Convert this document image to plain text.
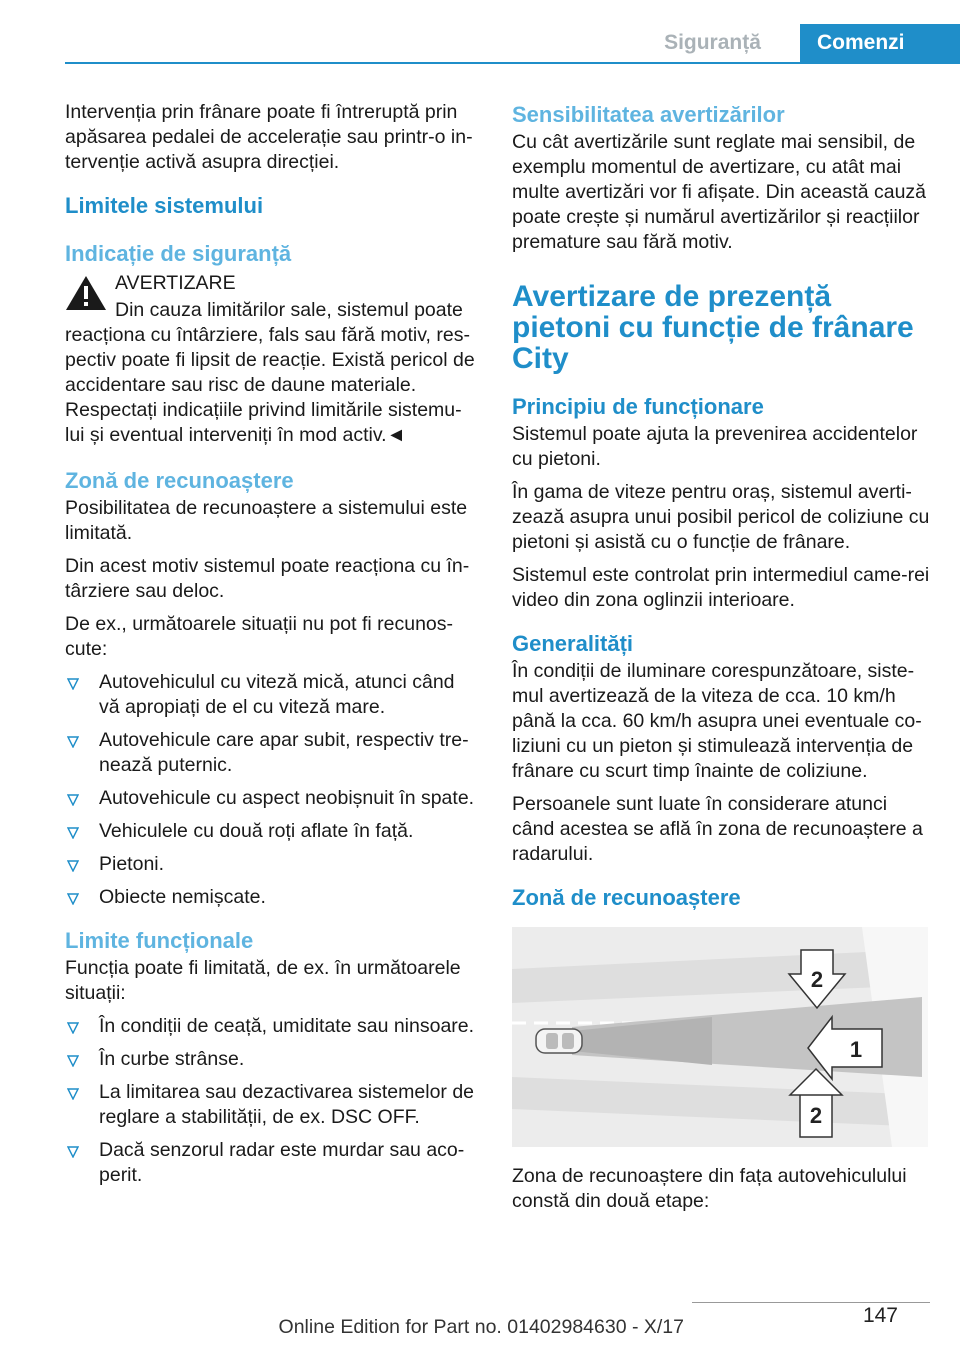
Siguranță	Comenzi

Intervenția prin frânare poate fi întreruptă prin apăsarea pedalei de accelerație sau printr-o in-tervenție activă asupra direcției.

Limitele sistemului
Indicație de siguranță
AVERTIZARE

Din cauza limitărilor sale, sistemul poate reacționa cu întârziere, fals sau fără motiv, res-pectiv poate fi lipsit de reacție. Există pericol de accidentare sau risc de daune materiale. Respectați indicațiile privind limitările sistemu-lui și eventual interveniți în mod activ.◄

Zonă de recunoaștere

Posibilitatea de recunoaștere a sistemului este limitată.

Din acest motiv sistemul poate reacționa cu în-târziere sau deloc.

De ex., următoarele situații nu pot fi recunos-cute:

Autovehiculul cu viteză mică, atunci când vă apropiați de el cu viteză mare.
Autovehicule care apar subit, respectiv tre-nează puternic.
Autovehicule cu aspect neobișnuit în spate.
Vehiculele cu două roți aflate în față.
Pietoni.
Obiecte nemișcate.
Limite funcționale

Funcția poate fi limitată, de ex. în următoarele situații:

În condiții de ceață, umiditate sau ninsoare.
În curbe strânse.
La limitarea sau dezactivarea sistemelor de reglare a stabilității, de ex. DSC OFF.
Dacă senzorul radar este murdar sau aco-perit.
Sensibilitatea avertizărilor

Cu cât avertizările sunt reglate mai sensibil, de exemplu momentul de avertizare, cu atât mai multe avertizări vor fi afișate. Din această cauză poate crește și numărul avertizărilor și reacțiilor premature sau fără motiv.

Avertizare de prezență pietoni cu funcție de frânare City
Principiu de funcționare

Sistemul poate ajuta la prevenirea accidentelor cu pietoni.

În gama de viteze pentru oraș, sistemul averti-zează asupra unui posibil pericol de coliziune cu pietoni și asistă cu o funcție de frânare.

Sistemul este controlat prin intermediul came-rei video din zona oglinzii interioare.

Generalități

În condiții de iluminare corespunzătoare, siste-mul avertizează de la viteza de cca. 10 km/h până la cca. 60 km/h asupra unei eventuale co-liziuni cu un pieton și stimulează intervenția de frânare cu scurt timp înainte de coliziune.

Persoanele sunt luate în considerare atunci când acestea se află în zona de recunoaștere a radarului.

Zonă de recunoaștere
2
1
2

Zona de recunoaștere din fața autovehiculului constă din două etape:

147
Online Edition for Part no. 01402984630 - X/17
